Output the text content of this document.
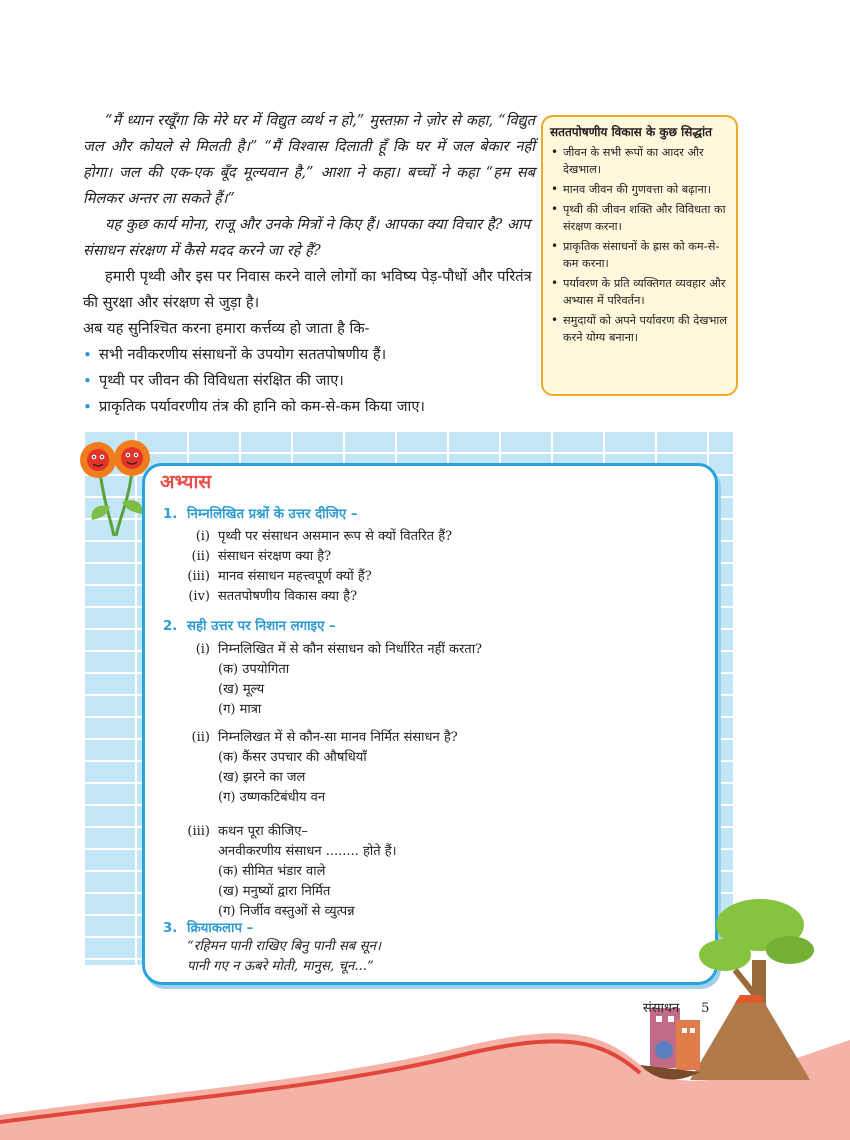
“मैं ध्यान रखूँगा कि मेरे घर में विद्युत व्यर्थ न हो,” मुस्तफ़ा ने ज़ोर से कहा, “विद्युत जल और कोयले से मिलती है।” “मैं विश्वास दिलाती हूँ कि घर में जल बेकार नहीं होगा। जल की एक-एक बूँद मूल्यवान है,” आशा ने कहा। बच्चों ने कहा “हम सब मिलकर अन्तर ला सकते हैं।”

यह कुछ कार्य मोना, राजू और उनके मित्रों ने किए हैं। आपका क्या विचार है? आप संसाधन संरक्षण में कैसे मदद करने जा रहे हैं?

हमारी पृथ्वी और इस पर निवास करने वाले लोगों का भविष्य पेड़-पौधों और परितंत्र की सुरक्षा और संरक्षण से जुड़ा है।

अब यह सुनिश्चित करना हमारा कर्त्तव्य हो जाता है कि-

• सभी नवीकरणीय संसाधनों के उपयोग सततपोषणीय हैं।
• पृथ्वी पर जीवन की विविधता संरक्षित की जाए।
• प्राकृतिक पर्यावरणीय तंत्र की हानि को कम-से-कम किया जाए।
सततपोषणीय विकास के कुछ सिद्धांत
• जीवन के सभी रूपों का आदर और देखभाल।
• मानव जीवन की गुणवत्ता को बढ़ाना।
• पृथ्वी की जीवन शक्ति और विविधता का संरक्षण करना।
• प्राकृतिक संसाधनों के ह्रास को कम-से-कम करना।
• पर्यावरण के प्रति व्यक्तिगत व्यवहार और अभ्यास में परिवर्तन।
• समुदायों को अपने पर्यावरण की देखभाल करने योग्य बनाना।
अभ्यास
1. निम्नलिखित प्रश्नों के उत्तर दीजिए –
(i) पृथ्वी पर संसाधन असमान रूप से क्यों वितरित हैं?
(ii) संसाधन संरक्षण क्या है?
(iii) मानव संसाधन महत्त्वपूर्ण क्यों हैं?
(iv) सततपोषणीय विकास क्या है?
2. सही उत्तर पर निशान लगाइए –
(i) निम्नलिखित में से कौन संसाधन को निर्धारित नहीं करता?
(क) उपयोगिता
(ख) मूल्य
(ग) मात्रा
(ii) निम्नलिखत में से कौन-सा मानव निर्मित संसाधन है?
(क) कैंसर उपचार की औषधियाँ
(ख) झरने का जल
(ग) उष्णकटिबंधीय वन
(iii) कथन पूरा कीजिए–
अनवीकरणीय संसाधन ........ होते हैं।
(क) सीमित भंडार वाले
(ख) मनुष्यों द्वारा निर्मित
(ग) निर्जीव वस्तुओं से व्युत्पन्न
3. क्रियाकलाप –
“रहिमन पानी राखिए बिनु पानी सब सून।
पानी गए न ऊबरे मोती, मानुस, चून...”
संसाधन 5
